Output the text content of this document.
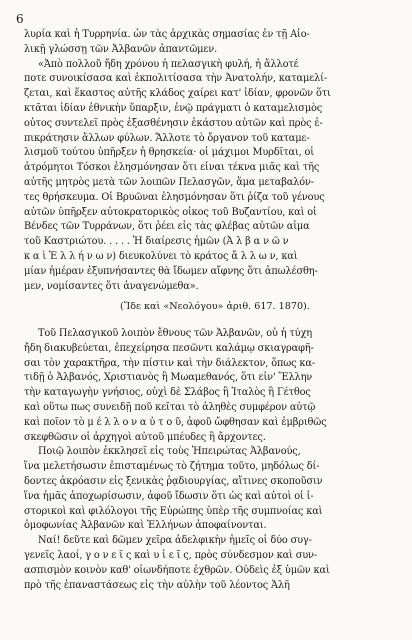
6
λυρία καὶ ἡ Τυρρηνία. ὧν τὰς ἀρχικὰς σημασίας ἐν τῇ Αἰο-
λικῇ γλώσσῃ τῶν Ἀλβανῶν ἀπαντῶμεν.
«Ἀπὸ πολλοῦ ἤδη χρόνου ἡ πελασγικὴ φυλή, ἡ ἄλλοτέ
ποτε συνοικίσασα καὶ ἐκπολιτίσασα τὴν Ἀνατολήν, καταμελί-
ζεται, καὶ ἕκαστος αὐτῆς κλάδος χαίρει κατ' ἰδίαν, φρονῶν ὅτι
κτᾶται ἰδίαν ἐθνικὴν ὕπαρξιν, ἐνῷ πράγματι ὁ καταμελισμὸς
οὗτος συντελεῖ πρὸς ἐξασθένησιν ἑκάστου αὐτῶν καὶ πρὸς ἐ-
πικράτησιν ἄλλων φύλων. Ἄλλοτε τὸ ὄργανον τοῦ καταμε-
λισμοῦ τούτου ὑπῆρξεν ἡ θρησκεία· οἱ μάχιμοι Μυρδῖται, οἱ
ἀτρόμητοι Τόσκοι ἐλησμόνησαν ὅτι εἶναι τέκνα μιᾶς καὶ τῆς
αὐτῆς μητρὸς μετὰ τῶν λοιπῶν Πελασγῶν, ἅμα μεταβαλόν-
τες θρήσκευμα. Οἱ Βρυῶναι ἐλησμόνησαν ὅτι ῥίζα τοῦ γένους
αὐτῶν ὑπῆρξεν αὐτοκρατορικὸς οἶκος τοῦ Βυζαντίου, καὶ οἱ
Βένδες τῶν Τυρράνων, ὅτι ῥέει εἰς τὰς φλέβας αὐτῶν αἷμα
τοῦ Καστριώτου. . . . . Ἡ διαίρεσις ἡμῶν (Ἀ λ β α ν ῶ ν
κ α ὶ Ἑ λ λ ή ν ω ν) διευκολύνει τὸ κράτος ἄ λ λ ω ν, καὶ
μίαν ἡμέραν ἐξυπνήσαντες θὰ ἴδωμεν αἴφνης ὅτι ἀπωλέσθη-
μεν, νομίσαντες ὅτι ἀναγενώμεθα».
(Ἴδε καὶ «Νεολόγου» ἀριθ. 617. 1870).
Τοῦ Πελασγικοῦ λοιπὸν ἔθνους τῶν Ἀλβανῶν, οὗ ἡ τύχη
ἤδη διακυβεύεται, ἐπεχείρησα πεσῶντι καλάμῳ σκιαγραφῆ-
σαι τὸν χαρακτῆρα, τὴν πίστιν καὶ τὴν διάλεκτον, ὅπως κα-
τιδῇ ὁ Ἀλβανός, Χριστιανὸς ἢ Μωαμεθανός, ὅτι εἶν' Ἕλλην
τὴν καταγωγὴν γνήσιος, οὐχὶ δὲ Σλάβος ἢ Ἰταλὸς ἢ Γέτθος
καὶ οὕτω πως συνειδῇ ποῦ κεῖται τὸ ἀληθὲς συμφέρον αὐτῷ
καὶ ποῖον τὸ μ έ λ λ ο ν α ὐ τ ο ῦ, ἀφοῦ ὤφθησαν καὶ ἐμβριθῶς
σκεφθῶσιν οἱ ἀρχηγοὶ αὐτοῦ μπέυδες ἢ ἄρχοντες.
Ποιῷ λοιπὸν ἐκκλησεῖ εἰς τοὺς Ἠπειρώτας Ἀλβανούς,
ἵνα μελετήσωσιν ἐπισταμένως τὸ ζήτημα τοῦτο, μηδόλως δί-
δοντες ἀκρόασιν εἰς ξενικὰς ῥᾳδιουργίας, αἵτινες σκοποῦσιν
ἵνα ἡμᾶς ἀποχωρίσωσιν, ἀφοῦ ἴδωσιν ὅτι ὡς καὶ αὐτοὶ οἱ ἱ-
στορικοὶ καὶ φιλόλογοι τῆς Εὐρώπης ὑπὲρ τῆς συμπνοίας καὶ
ὁμοφωνίας Ἀλβανῶν καὶ Ἑλλήνων ἀποφαίνονται.
Ναί! δεῦτε καὶ δῶμεν χεῖρα ἀδελφικὴν ἡμεῖς οἱ δύο συγ-
γενεῖς λαοί, γ ο ν ε ῖ ς καὶ υ ἱ ε ῖ ς, πρὸς σύνδεσμον καὶ συν-
ασπισμὸν κοινὸν καθ' οἱωνδήποτε ἐχθρῶν. Οὐδεὶς ἐξ ὑμῶν καὶ
πρὸ τῆς ἐπαναστάσεως εἰς τὴν αὐλὴν τοῦ λέοντος Ἀλῆ
